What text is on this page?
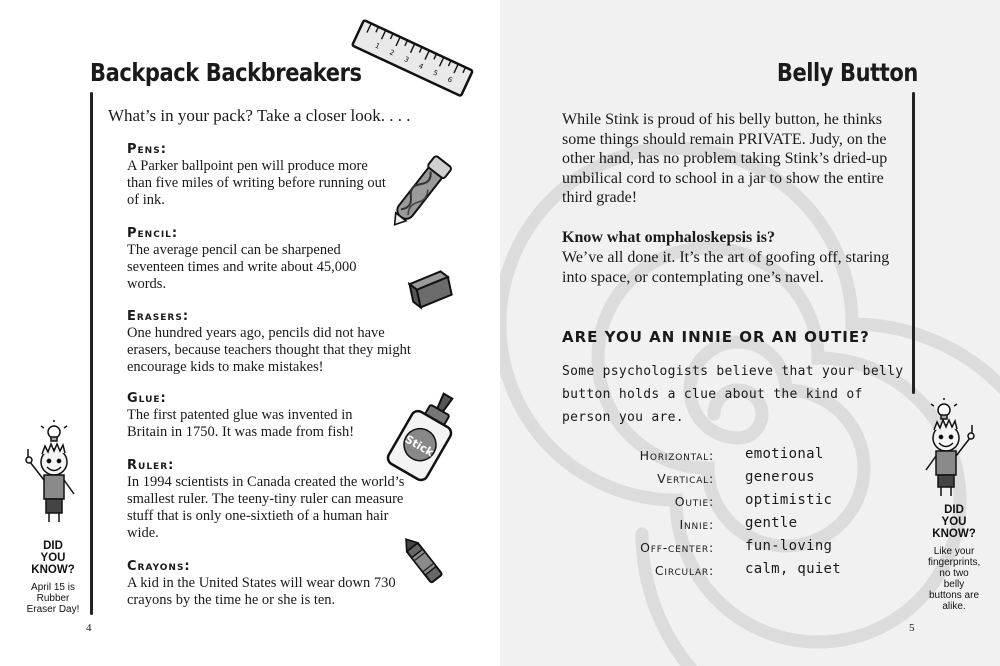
Backpack Backbreakers
1
2
3
4
5
6
What’s in your pack? Take a closer look. . . .
Pens:
A Parker ballpoint pen will produce more than five miles of writing before running out of ink.
Pencil:
The average pencil can be sharpened seventeen times and write about 45,000 words.
Erasers:
One hundred years ago, pencils did not have erasers, because teachers thought that they might encourage kids to make mistakes!
Glue:
The first patented glue was invented in Britain in 1750. It was made from fish!
Ruler:
In 1994 scientists in Canada created the world’s smallest ruler. The teeny-tiny ruler can measure stuff that is only one-sixtieth of a human hair wide.
Crayons:
A kid in the United States will wear down 730 crayons by the time he or she is ten.
Stick
DID
YOU
KNOW?
April 15 is Rubber Eraser Day!
4
Belly Button
While Stink is proud of his belly button, he thinks some things should remain PRIVATE. Judy, on the other hand, has no problem taking Stink’s dried-up umbilical cord to school in a jar to show the entire third grade!
Know what omphaloskepsis is?
We’ve all done it. It’s the art of goofing off, staring into space, or contemplating one’s navel.
ARE YOU AN INNIE OR AN OUTIE?
Some psychologists believe that your belly button holds a clue about the kind of person you are.
Horizontal: emotional
Vertical: generous
Outie: optimistic
Innie: gentle
Off-center: fun-loving
Circular: calm, quiet
DID
YOU
KNOW?
Like your fingerprints, no two belly buttons are alike.
5
